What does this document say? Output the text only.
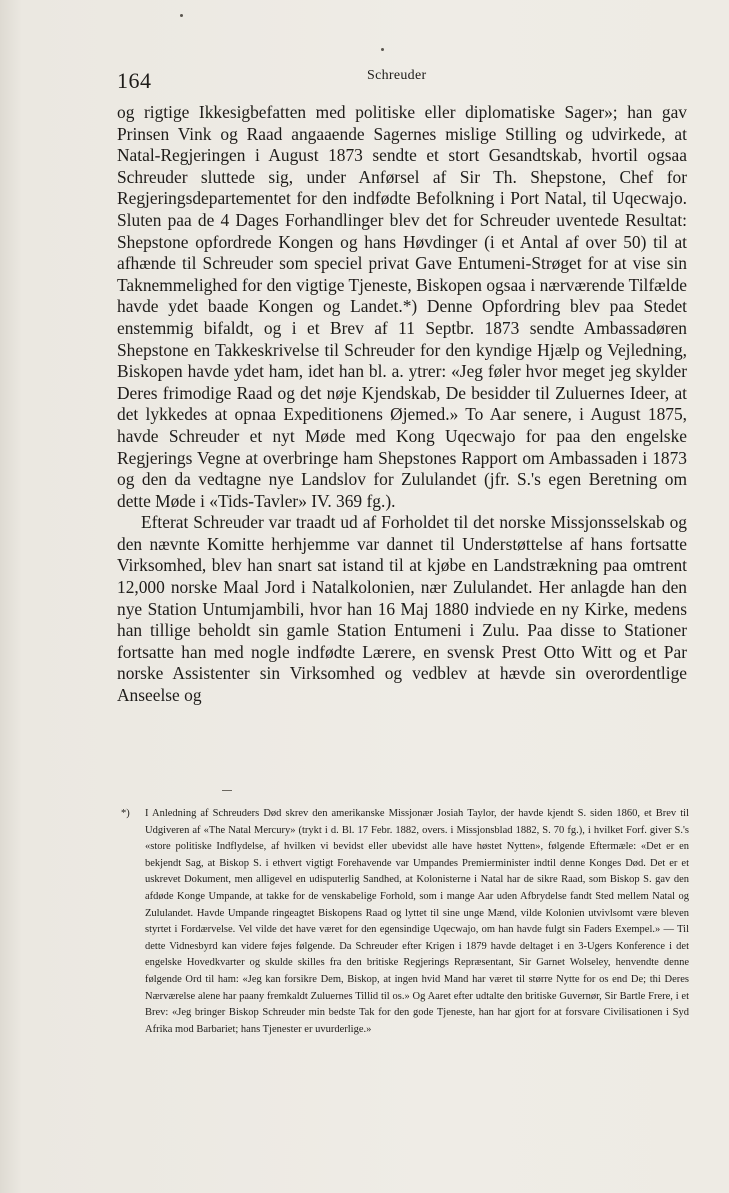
164	Schreuder

og rigtige Ikkesigbefatten med politiske eller diplomatiske Sager»; han gav Prinsen Vink og Raad angaaende Sagernes mislige Stilling og udvirkede, at Natal-Regjeringen i August 1873 sendte et stort Gesandtskab, hvortil ogsaa Schreuder sluttede sig, under Anførsel af Sir Th. Shepstone, Chef for Regjeringsdepartementet for den indfødte Befolkning i Port Natal, til Uqecwajo. Sluten paa de 4 Dages Forhandlinger blev det for Schreuder uventede Resultat: Shepstone opfordrede Kongen og hans Høvdinger (i et Antal af over 50) til at afhænde til Schreuder som speciel privat Gave Entumeni-Strøget for at vise sin Taknemmelighed for den vigtige Tjeneste, Biskopen ogsaa i nærværende Tilfælde havde ydet baade Kongen og Landet.*) Denne Opfordring blev paa Stedet enstemmig bifaldt, og i et Brev af 11 Septbr. 1873 sendte Ambassadøren Shepstone en Takkeskrivelse til Schreuder for den kyndige Hjælp og Vejledning, Biskopen havde ydet ham, idet han bl. a. ytrer: «Jeg føler hvor meget jeg skylder Deres frimodige Raad og det nøje Kjendskab, De besidder til Zuluernes Ideer, at det lykkedes at opnaa Expeditionens Øjemed.» To Aar senere, i August 1875, havde Schreuder et nyt Møde med Kong Uqecwajo for paa den engelske Regjerings Vegne at overbringe ham Shepstones Rapport om Ambassaden i 1873 og den da vedtagne nye Landslov for Zululandet (jfr. S.'s egen Beretning om dette Møde i «Tids-Tavler» IV. 369 fg.).

Efterat Schreuder var traadt ud af Forholdet til det norske Missjonsselskab og den nævnte Komitte herhjemme var dannet til Understøttelse af hans fortsatte Virksomhed, blev han snart sat istand til at kjøbe en Landstrækning paa omtrent 12,000 norske Maal Jord i Natalkolonien, nær Zululandet. Her anlagde han den nye Station Untumjambili, hvor han 16 Maj 1880 indviede en ny Kirke, medens han tillige beholdt sin gamle Station Entumeni i Zulu. Paa disse to Stationer fortsatte han med nogle indfødte Lærere, en svensk Prest Otto Witt og et Par norske Assistenter sin Virksomhed og vedblev at hævde sin overordentlige Anseelse og

*) I Anledning af Schreuders Død skrev den amerikanske Missjonær Josiah Taylor, der havde kjendt S. siden 1860, et Brev til Udgiveren af «The Natal Mercury» (trykt i d. Bl. 17 Febr. 1882, overs. i Missjonsblad 1882, S. 70 fg.), i hvilket Forf. giver S.'s «store politiske Indflydelse, af hvilken vi bevidst eller ubevidst alle have høstet Nytten», følgende Eftermæle: «Det er en bekjendt Sag, at Biskop S. i ethvert vigtigt Forehavende var Umpandes Premierminister indtil denne Konges Død. Det er et uskrevet Dokument, men alligevel en udisputerlig Sandhed, at Kolonisterne i Natal har de sikre Raad, som Biskop S. gav den afdøde Konge Umpande, at takke for de venskabelige Forhold, som i mange Aar uden Afbrydelse fandt Sted mellem Natal og Zululandet. Havde Umpande ringeagtet Biskopens Raad og lyttet til sine unge Mænd, vilde Kolonien utvivlsomt være bleven styrtet i Fordærvelse. Vel vilde det have været for den egensindige Uqecwajo, om han havde fulgt sin Faders Exempel.» — Til dette Vidnesbyrd kan videre føjes følgende. Da Schreuder efter Krigen i 1879 havde deltaget i en 3-Ugers Konference i det engelske Hovedkvarter og skulde skilles fra den britiske Regjerings Repræsentant, Sir Garnet Wolseley, henvendte denne følgende Ord til ham: «Jeg kan forsikre Dem, Biskop, at ingen hvid Mand har været til større Nytte for os end De; thi Deres Nærværelse alene har paany fremkaldt Zuluernes Tillid til os.» Og Aaret efter udtalte den britiske Guvernør, Sir Bartle Frere, i et Brev: «Jeg bringer Biskop Schreuder min bedste Tak for den gode Tjeneste, han har gjort for at forsvare Civilisationen i Syd Afrika mod Barbariet; hans Tjenester er uvurderlige.»
